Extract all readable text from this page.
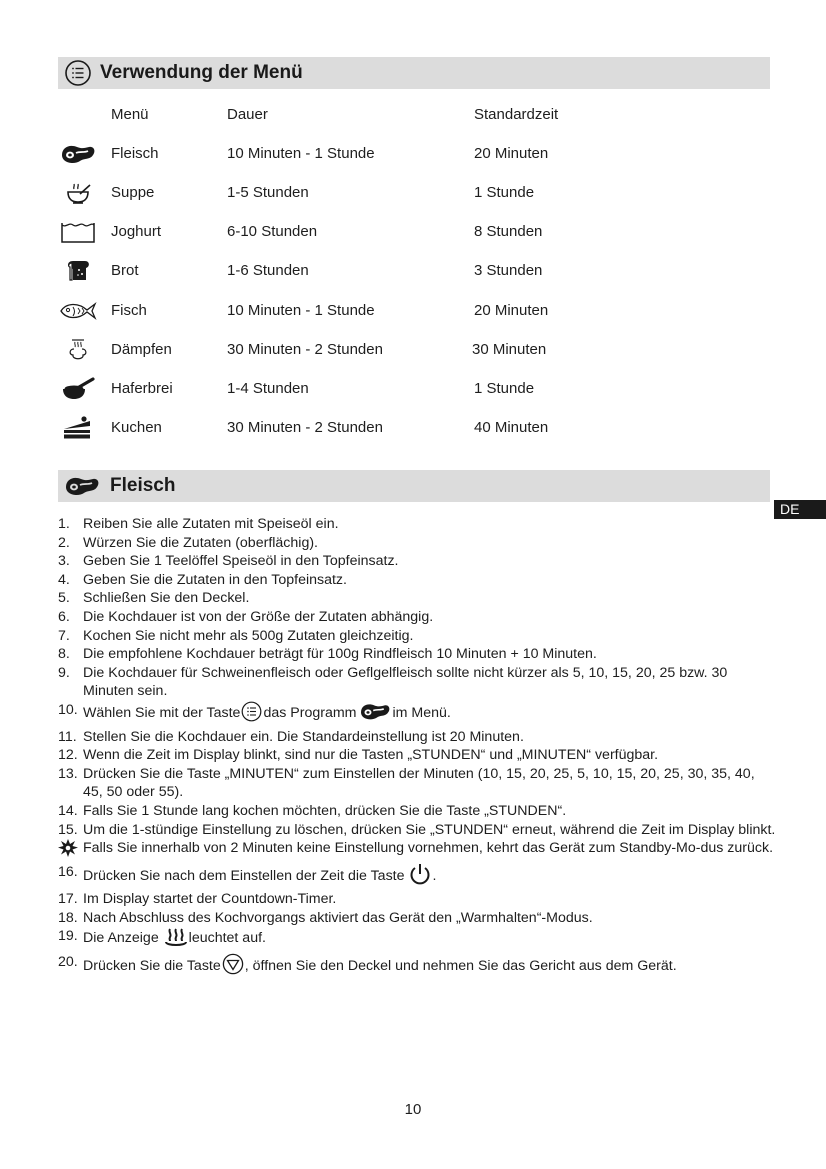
Verwendung der Menü
Menü	Dauer	Standardzeit
Fleisch	10 Minuten - 1 Stunde	20 Minuten
Suppe	1-5 Stunden	1 Stunde
Joghurt	6-10 Stunden	8 Stunden
Brot	1-6 Stunden	3 Stunden
Fisch	10 Minuten - 1 Stunde	20 Minuten
Dämpfen	30 Minuten - 2 Stunden	30 Minuten
Haferbrei	1-4 Stunden	1 Stunde
Kuchen	30 Minuten - 2 Stunden	40 Minuten
Fleisch
DE
1. Reiben Sie alle Zutaten mit Speiseöl ein.
2. Würzen Sie die Zutaten (oberflächig).
3. Geben Sie 1 Teelöffel Speiseöl in den Topfeinsatz.
4. Geben Sie die Zutaten in den Topfeinsatz.
5. Schließen Sie den Deckel.
6. Die Kochdauer ist von der Größe der Zutaten abhängig.
7. Kochen Sie nicht mehr als 500g Zutaten gleichzeitig.
8. Die empfohlene Kochdauer beträgt für 100g Rindfleisch 10 Minuten + 10 Minuten.
9. Die Kochdauer für Schweinenfleisch oder Geflgelfleisch sollte nicht kürzer als 5, 10, 15, 20, 25 bzw. 30 Minuten sein.
10. Wählen Sie mit der Taste das Programm	im Menü.
11. Stellen Sie die Kochdauer ein. Die Standardeinstellung ist 20 Minuten.
12. Wenn die Zeit im Display blinkt, sind nur die Tasten „STUNDEN“ und „MINUTEN“ verfügbar.
13. Drücken Sie die Taste „MINUTEN“ zum Einstellen der Minuten (10, 15, 20, 25, 5, 10, 15, 20, 25, 30, 35, 40, 45, 50 oder 55).
14. Falls Sie 1 Stunde lang kochen möchten, drücken Sie die Taste „STUNDEN“.
15. Um die 1-stündige Einstellung zu löschen, drücken Sie „STUNDEN“ erneut, während die Zeit im Display blinkt.
Falls Sie innerhalb von 2 Minuten keine Einstellung vornehmen, kehrt das Gerät zum Standby-Mo-dus zurück.
16. Drücken Sie nach dem Einstellen der Zeit die Taste .
17. Im Display startet der Countdown-Timer.
18. Nach Abschluss des Kochvorgangs aktiviert das Gerät den „Warmhalten“-Modus.
19. Die Anzeige leuchtet auf.
20. Drücken Sie die Taste , öffnen Sie den Deckel und nehmen Sie das Gericht aus dem Gerät.
10
